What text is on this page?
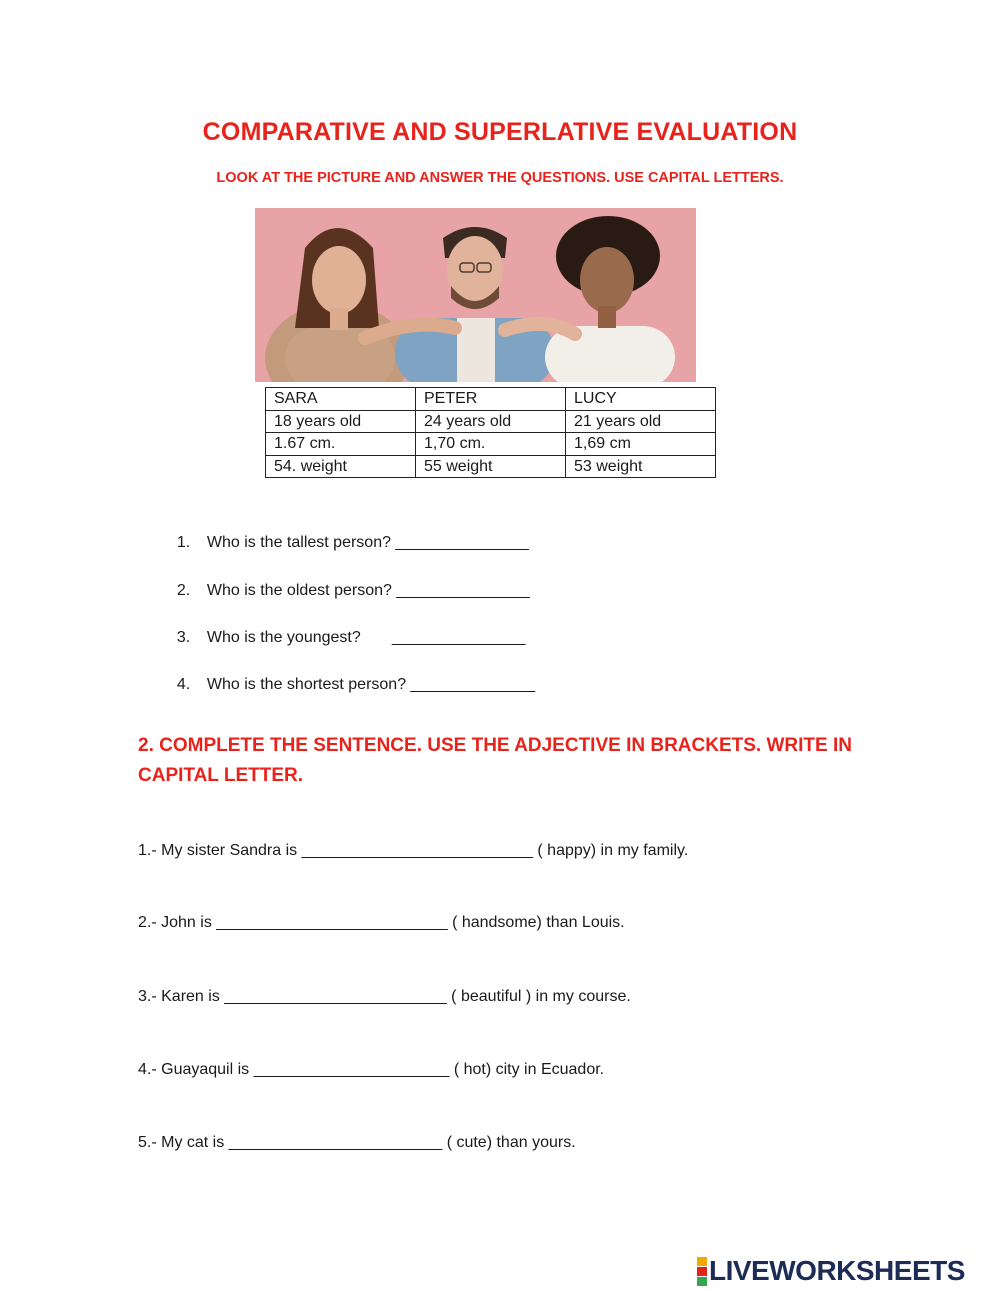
COMPARATIVE AND SUPERLATIVE EVALUATION
LOOK AT THE PICTURE AND ANSWER THE QUESTIONS. USE CAPITAL LETTERS.
SARA	PETER	LUCY
18 years old	24 years old	21 years old
1.67 cm.	1,70 cm.	1,69 cm
54. weight	55 weight	53 weight

1. Who is the tallest person? _______________

2. Who is the oldest person? _______________

3. Who is the youngest?       _______________

4. Who is the shortest person? ______________

2. COMPLETE THE SENTENCE. USE THE ADJECTIVE IN BRACKETS. WRITE IN CAPITAL LETTER.
1.- My sister Sandra is __________________________ ( happy) in my family.
2.- John is __________________________ ( handsome) than Louis.
3.- Karen is _________________________ ( beautiful ) in my course.
4.- Guayaquil is ______________________ ( hot) city in Ecuador.
5.- My cat is ________________________ ( cute) than yours.
LIVEWORKSHEETS
